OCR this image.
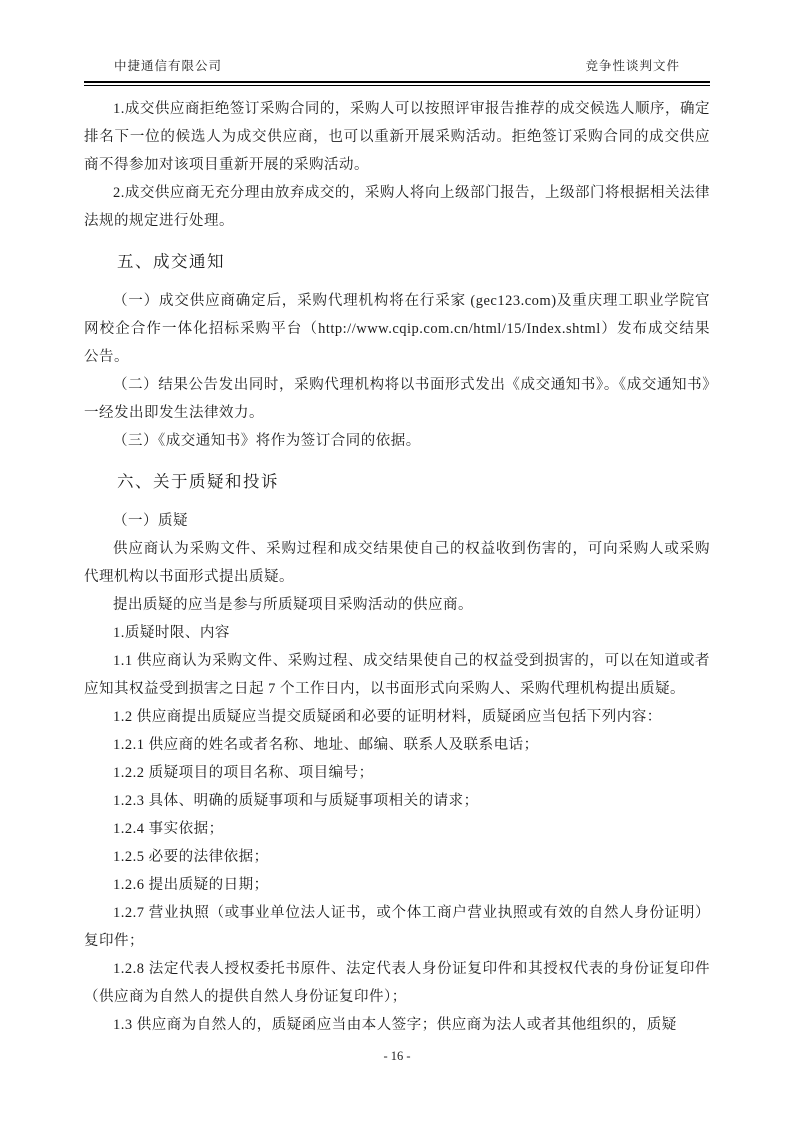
中捷通信有限公司	竞争性谈判文件

1.成交供应商拒绝签订采购合同的，采购人可以按照评审报告推荐的成交候选人顺序，确定排名下一位的候选人为成交供应商，也可以重新开展采购活动。拒绝签订采购合同的成交供应商不得参加对该项目重新开展的采购活动。

2.成交供应商无充分理由放弃成交的，采购人将向上级部门报告，上级部门将根据相关法律法规的规定进行处理。

五、成交通知

（一）成交供应商确定后，采购代理机构将在行采家 (gec123.com)及重庆理工职业学院官网校企合作一体化招标采购平台（http://www.cqip.com.cn/html/15/Index.shtml）发布成交结果公告。

（二）结果公告发出同时，采购代理机构将以书面形式发出《成交通知书》。《成交通知书》一经发出即发生法律效力。

（三）《成交通知书》将作为签订合同的依据。

六、关于质疑和投诉

（一）质疑

供应商认为采购文件、采购过程和成交结果使自己的权益收到伤害的，可向采购人或采购代理机构以书面形式提出质疑。

提出质疑的应当是参与所质疑项目采购活动的供应商。

1.质疑时限、内容

1.1 供应商认为采购文件、采购过程、成交结果使自己的权益受到损害的，可以在知道或者应知其权益受到损害之日起 7 个工作日内，以书面形式向采购人、采购代理机构提出质疑。

1.2 供应商提出质疑应当提交质疑函和必要的证明材料，质疑函应当包括下列内容：

1.2.1 供应商的姓名或者名称、地址、邮编、联系人及联系电话；

1.2.2 质疑项目的项目名称、项目编号；

1.2.3 具体、明确的质疑事项和与质疑事项相关的请求；

1.2.4 事实依据；

1.2.5 必要的法律依据；

1.2.6 提出质疑的日期；

1.2.7 营业执照（或事业单位法人证书，或个体工商户营业执照或有效的自然人身份证明）复印件；

1.2.8 法定代表人授权委托书原件、法定代表人身份证复印件和其授权代表的身份证复印件（供应商为自然人的提供自然人身份证复印件）；

1.3 供应商为自然人的，质疑函应当由本人签字；供应商为法人或者其他组织的，质疑

- 16 -
